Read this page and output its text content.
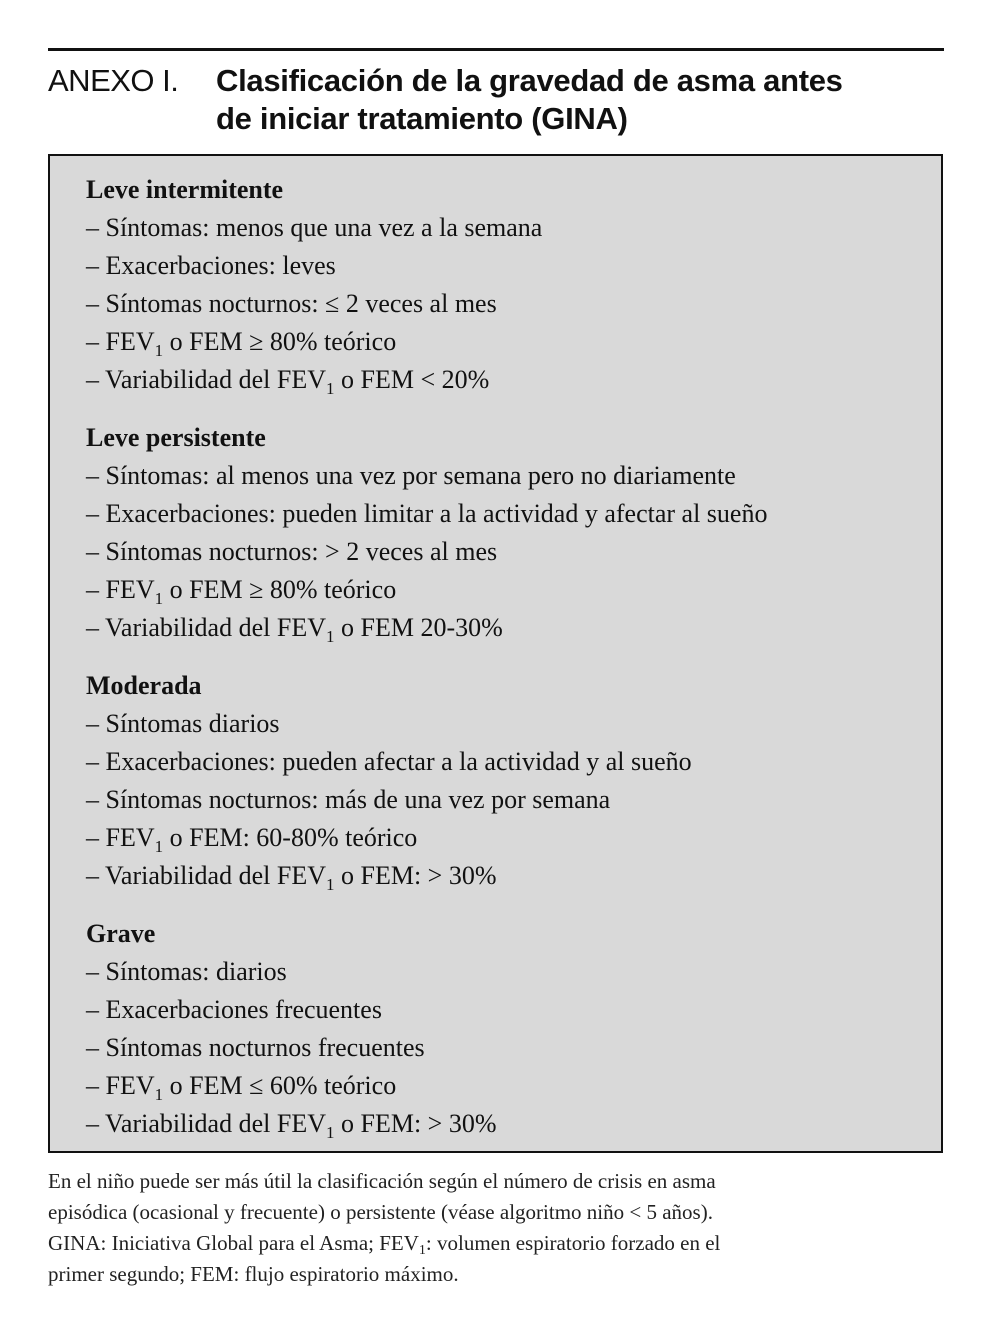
ANEXO I. Clasificación de la gravedad de asma antes
de iniciar tratamiento (GINA)
Leve intermitente
– Síntomas: menos que una vez a la semana
– Exacerbaciones: leves
– Síntomas nocturnos: ≤ 2 veces al mes
– $FEV_1$ o FEM ≥ 80% teórico
– Variabilidad del $FEV_1$ o FEM < 20%
Leve persistente
– Síntomas: al menos una vez por semana pero no diariamente
– Exacerbaciones: pueden limitar a la actividad y afectar al sueño
– Síntomas nocturnos: > 2 veces al mes
– $FEV_1$ o FEM ≥ 80% teórico
– Variabilidad del $FEV_1$ o FEM 20-30%
Moderada
– Síntomas diarios
– Exacerbaciones: pueden afectar a la actividad y al sueño
– Síntomas nocturnos: más de una vez por semana
– $FEV_1$ o FEM: 60-80% teórico
– Variabilidad del $FEV_1$ o FEM: > 30%
Grave
– Síntomas: diarios
– Exacerbaciones frecuentes
– Síntomas nocturnos frecuentes
– $FEV_1$ o FEM ≤ 60% teórico
– Variabilidad del $FEV_1$ o FEM: > 30%
En el niño puede ser más útil la clasificación según el número de crisis en asma
episódica (ocasional y frecuente) o persistente (véase algoritmo niño < 5 años).
GINA: Iniciativa Global para el Asma; $FEV_1$: volumen espiratorio forzado en el
primer segundo; FEM: flujo espiratorio máximo.
